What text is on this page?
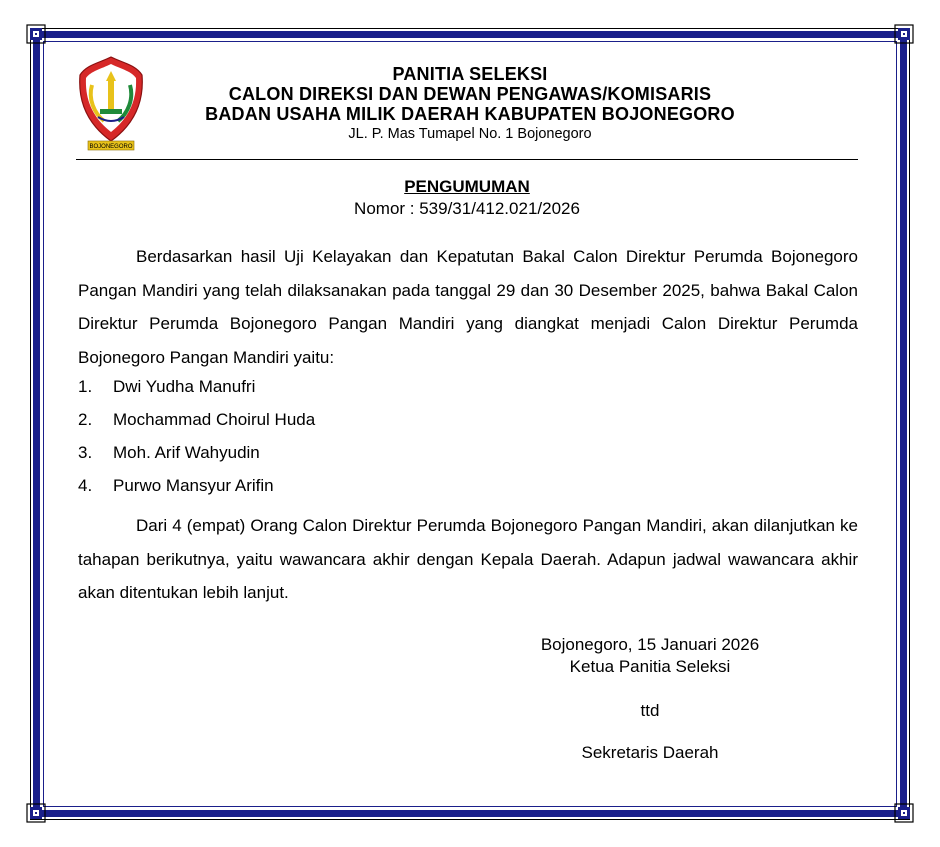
BOJONEGORO
PANITIA SELEKSI
CALON DIREKSI DAN DEWAN PENGAWAS/KOMISARIS
BADAN USAHA MILIK DAERAH KABUPATEN BOJONEGORO
JL. P. Mas Tumapel No. 1 Bojonegoro
PENGUMUMAN
Nomor : 539/31/412.021/2026
Berdasarkan hasil Uji Kelayakan dan Kepatutan Bakal Calon Direktur Perumda Bojonegoro Pangan Mandiri yang telah dilaksanakan pada tanggal 29 dan 30 Desember 2025, bahwa Bakal Calon Direktur Perumda Bojonegoro Pangan Mandiri yang diangkat menjadi Calon Direktur Perumda Bojonegoro Pangan Mandiri yaitu:
1.	Dwi Yudha Manufri
2.	Mochammad Choirul Huda
3.	Moh. Arif Wahyudin
4.	Purwo Mansyur Arifin
Dari 4 (empat) Orang Calon Direktur Perumda Bojonegoro Pangan Mandiri, akan dilanjutkan ke tahapan berikutnya, yaitu wawancara akhir dengan Kepala Daerah. Adapun jadwal wawancara akhir akan ditentukan lebih lanjut.
Bojonegoro, 15 Januari 2026
Ketua Panitia Seleksi
ttd
Sekretaris Daerah
